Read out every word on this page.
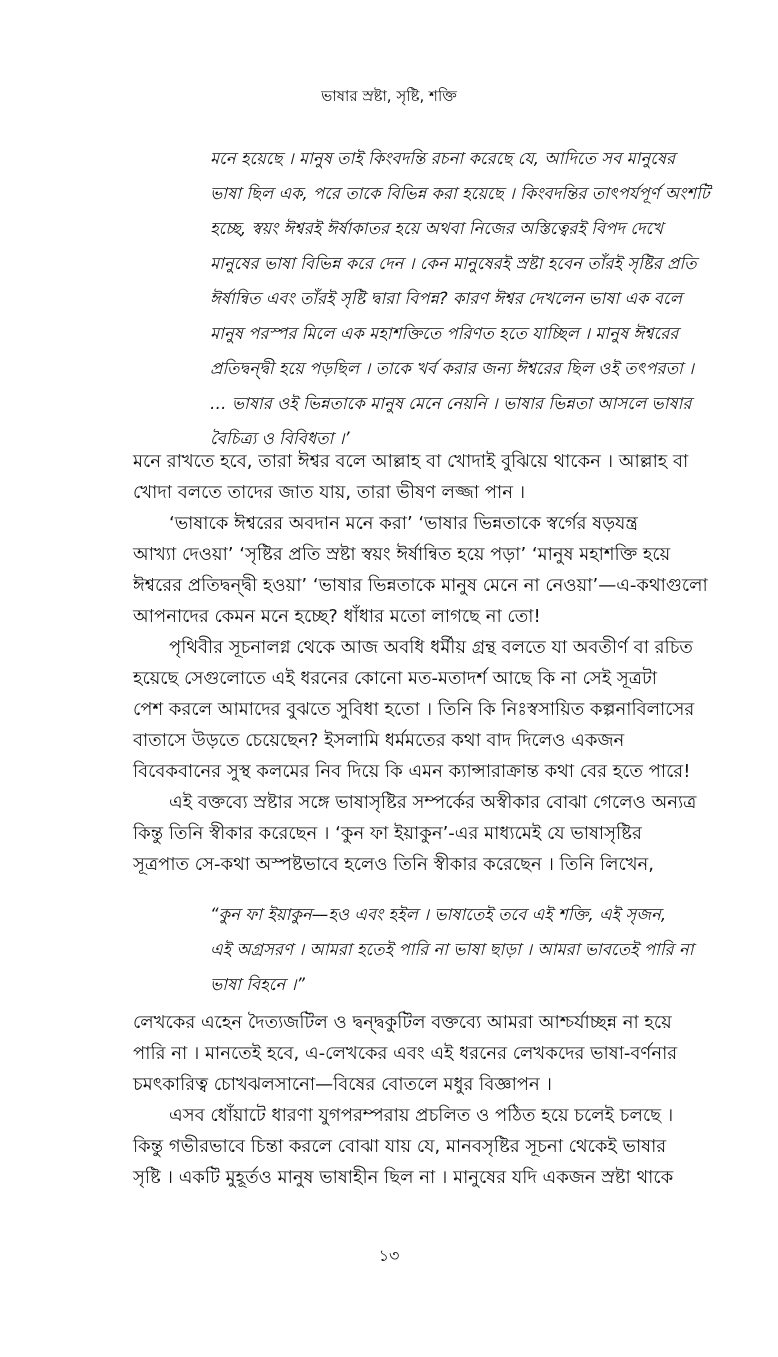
ভাষার স্রষ্টা, সৃষ্টি, শক্তি
মনে হয়েছে । মানুষ তাই কিংবদন্তি রচনা করেছে যে, আদিতে সব মানুষের
ভাষা ছিল এক, পরে তাকে বিভিন্ন করা হয়েছে । কিংবদন্তির তাৎপর্যপূর্ণ অংশটি
হচ্ছে, স্বয়ং ঈশ্বরই ঈর্ষাকাতর হয়ে অথবা নিজের অস্তিত্বেরই বিপদ দেখে
মানুষের ভাষা বিভিন্ন করে দেন । কেন মানুষেরই স্রষ্টা হবেন তাঁরই সৃষ্টির প্রতি
ঈর্ষান্বিত এবং তাঁরই সৃষ্টি দ্বারা বিপন্ন? কারণ ঈশ্বর দেখলেন ভাষা এক বলে
মানুষ পরস্পর মিলে এক মহাশক্তিতে পরিণত হতে যাচ্ছিল । মানুষ ঈশ্বরের
প্রতিদ্বন্দ্বী হয়ে পড়ছিল । তাকে খর্ব করার জন্য ঈশ্বরের ছিল ওই তৎপরতা ।
… ভাষার ওই ভিন্নতাকে মানুষ মেনে নেয়নি । ভাষার ভিন্নতা আসলে ভাষার
বৈচিত্র্য ও বিবিধতা ।’
মনে রাখতে হবে, তারা ঈশ্বর বলে আল্লাহ বা খোদাই বুঝিয়ে থাকেন । আল্লাহ বা
খোদা বলতে তাদের জাত যায়, তারা ভীষণ লজ্জা পান ।
‘ভাষাকে ঈশ্বরের অবদান মনে করা’ ‘ভাষার ভিন্নতাকে স্বর্গের ষড়যন্ত্র
আখ্যা দেওয়া’ ‘সৃষ্টির প্রতি স্রষ্টা স্বয়ং ঈর্ষান্বিত হয়ে পড়া’ ‘মানুষ মহাশক্তি হয়ে
ঈশ্বরের প্রতিদ্বন্দ্বী হওয়া’ ‘ভাষার ভিন্নতাকে মানুষ মেনে না নেওয়া’—এ-কথাগুলো
আপনাদের কেমন মনে হচ্ছে? ধাঁধার মতো লাগছে না তো!
পৃথিবীর সূচনালগ্ন থেকে আজ অবধি ধর্মীয় গ্রন্থ বলতে যা অবতীর্ণ বা রচিত
হয়েছে সেগুলোতে এই ধরনের কোনো মত-মতাদর্শ আছে কি না সেই সূত্রটা
পেশ করলে আমাদের বুঝতে সুবিধা হতো । তিনি কি নিঃস্বসায়িত কল্পনাবিলাসের
বাতাসে উড়তে চেয়েছেন? ইসলামি ধর্মমতের কথা বাদ দিলেও একজন
বিবেকবানের সুস্থ কলমের নিব দিয়ে কি এমন ক্যান্সারাক্রান্ত কথা বের হতে পারে!
এই বক্তব্যে স্রষ্টার সঙ্গে ভাষাসৃষ্টির সম্পর্কের অস্বীকার বোঝা গেলেও অন্যত্র
কিন্তু তিনি স্বীকার করেছেন । ‘কুন ফা ইয়াকুন’-এর মাধ্যমেই যে ভাষাসৃষ্টির
সূত্রপাত সে-কথা অস্পষ্টভাবে হলেও তিনি স্বীকার করেছেন । তিনি লিখেন,
“কুন ফা ইয়াকুন—হও এবং হইল । ভাষাতেই তবে এই শক্তি, এই সৃজন,
এই অগ্রসরণ । আমরা হতেই পারি না ভাষা ছাড়া । আমরা ভাবতেই পারি না
ভাষা বিহনে ।”
লেখকের এহেন দৈত্যজটিল ও দ্বন্দ্বকুটিল বক্তব্যে আমরা আশ্চর্যাচ্ছন্ন না হয়ে
পারি না । মানতেই হবে, এ-লেখকের এবং এই ধরনের লেখকদের ভাষা-বর্ণনার
চমৎকারিত্ব চোখঝলসানো—বিষের বোতলে মধুর বিজ্ঞাপন ।
এসব ধোঁয়াটে ধারণা যুগপরম্পরায় প্রচলিত ও পঠিত হয়ে চলেই চলছে ।
কিন্তু গভীরভাবে চিন্তা করলে বোঝা যায় যে, মানবসৃষ্টির সূচনা থেকেই ভাষার
সৃষ্টি । একটি মুহূর্তও মানুষ ভাষাহীন ছিল না । মানুষের যদি একজন স্রষ্টা থাকে
১৩
